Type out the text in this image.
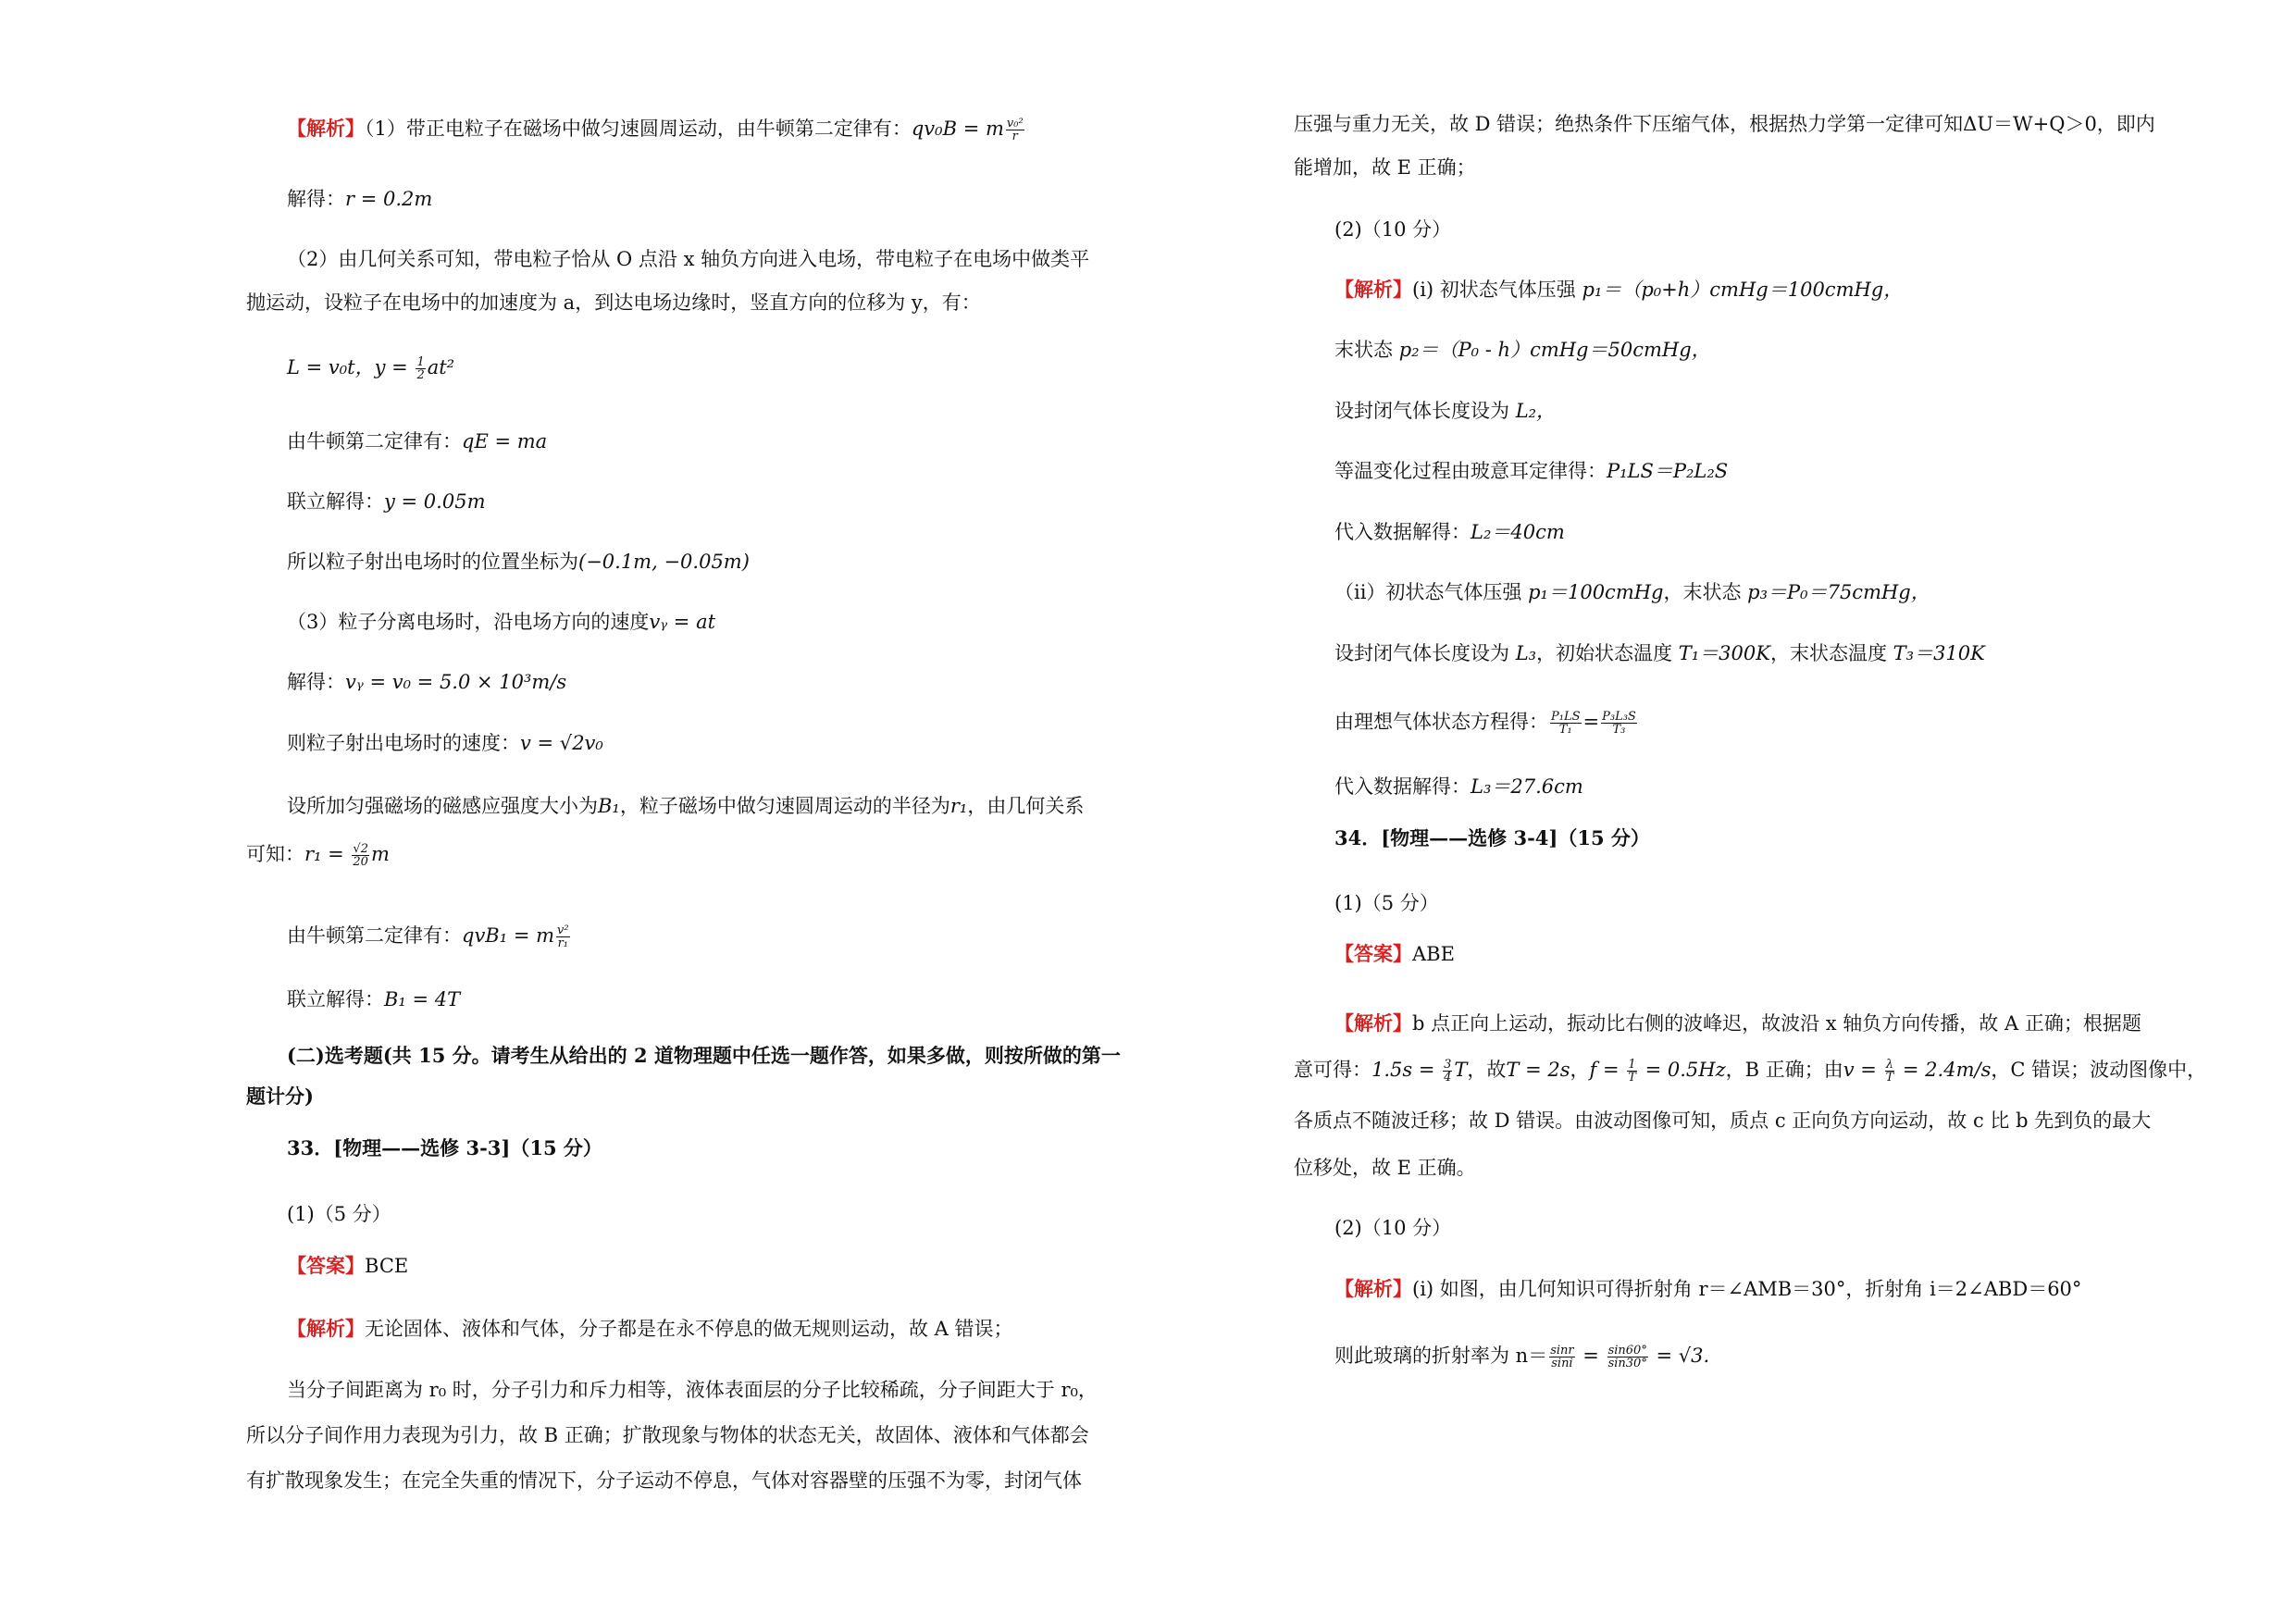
【解析】（1）带正电粒子在磁场中做匀速圆周运动，由牛顿第二定律有：qv₀B = m $\frac{\text{v₀²}}{r}$
解得：r = 0.2m
（2）由几何关系可知，带电粒子恰从 O 点沿 x 轴负方向进入电场，带电粒子在电场中做类平
抛运动，设粒子在电场中的加速度为 a，到达电场边缘时，竖直方向的位移为 y，有：
L = v₀t，$y = \frac{1}{2} at^2$
由牛顿第二定律有：qE = ma
联立解得：y = 0.05m
所以粒子射出电场时的位置坐标为(−0.1m, −0.05m)
（3）粒子分离电场时，沿电场方向的速度vᵧ = at
解得：vᵧ = v₀ = 5.0 × 10³m/s
则粒子射出电场时的速度：v = √2v₀
设所加匀强磁场的磁感应强度大小为B₁，粒子磁场中做匀速圆周运动的半径为r₁，由几何关系
可知：$r_1 = \frac{√2}{20}$ m
由牛顿第二定律有：qvB₁ = m $\frac{\text{v²}}{\text{r₁}}$
联立解得：B₁ = 4T
(二)选考题(共 15 分。请考生从给出的 2 道物理题中任选一题作答，如果多做，则按所做的第一
题计分)
33．[物理——选修 3-3]（15 分）
(1)（5 分）
【答案】BCE
【解析】无论固体、液体和气体，分子都是在永不停息的做无规则运动，故 A 错误；
当分子间距离为 r₀ 时，分子引力和斥力相等，液体表面层的分子比较稀疏，分子间距大于 r₀，
所以分子间作用力表现为引力，故 B 正确；扩散现象与物体的状态无关，故固体、液体和气体都会
有扩散现象发生；在完全失重的情况下，分子运动不停息，气体对容器壁的压强不为零，封闭气体
压强与重力无关，故 D 错误；绝热条件下压缩气体，根据热力学第一定律可知ΔU＝W+Q＞0，即内
能增加，故 E 正确；
(2)（10 分）
【解析】(i) 初状态气体压强 p₁＝（p₀+h）cmHg＝100cmHg，
末状态 p₂＝（P₀ - h）cmHg＝50cmHg，
设封闭气体长度设为 L₂，
等温变化过程由玻意耳定律得：P₁LS＝P₂L₂S
代入数据解得：L₂＝40cm
（ii）初状态气体压强 p₁＝100cmHg，末状态 p₃＝P₀＝75cmHg，
设封闭气体长度设为 L₃，初始状态温度 T₁＝300K，末状态温度 T₃＝310K
由理想气体状态方程得： $\frac{\text{P₁LS}}{\text{T₁}} = \frac{\text{P₃L₃S}}{\text{T₃}}$
代入数据解得：L₃＝27.6cm
34．[物理——选修 3-4]（15 分）
(1)（5 分）
【答案】ABE
【解析】b 点正向上运动，振动比右侧的波峰迟，故波沿 x 轴负方向传播，故 A 正确；根据题
意可得：$1.5s = \frac{3}{4}$ T，故T = 2s，$f = \frac{1}{T} = 0.5Hz$，B 正确；由$v = \frac{\lambda}{T} = 2.4m/s$，C 错误；波动图像中，
各质点不随波迁移；故 D 错误。由波动图像可知，质点 c 正向负方向运动，故 c 比 b 先到负的最大
位移处，故 E 正确。
(2)（10 分）
【解析】(i) 如图，由几何知识可得折射角 r＝∠AMB＝30°，折射角 i＝2∠ABD＝60°
则此玻璃的折射率为 $n= \frac{\sin r}{\sin i} = \frac{\sin 60^\circ}{\sin 30^\circ} = √3$.
